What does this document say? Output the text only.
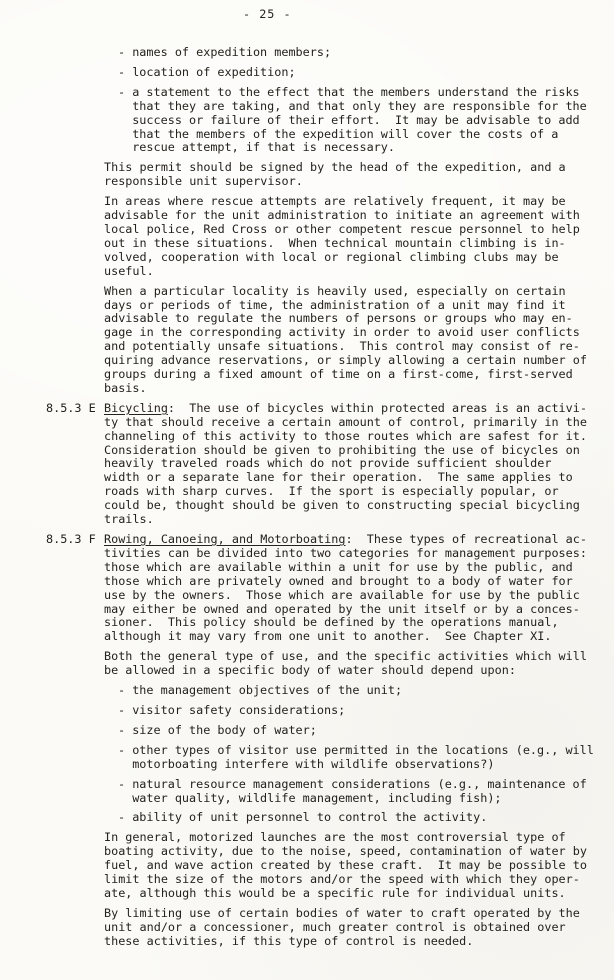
- 25 -
- names of expedition members;
- location of expedition;
- a statement to the effect that the members understand the risks
that they are taking, and that only they are responsible for the
success or failure of their effort.  It may be advisable to add
that the members of the expedition will cover the costs of a
rescue attempt, if that is necessary.
This permit should be signed by the head of the expedition, and a
responsible unit supervisor.
In areas where rescue attempts are relatively frequent, it may be
advisable for the unit administration to initiate an agreement with
local police, Red Cross or other competent rescue personnel to help
out in these situations.  When technical mountain climbing is in-
volved, cooperation with local or regional climbing clubs may be
useful.
When a particular locality is heavily used, especially on certain
days or periods of time, the administration of a unit may find it
advisable to regulate the numbers of persons or groups who may en-
gage in the corresponding activity in order to avoid user conflicts
and potentially unsafe situations.  This control may consist of re-
quiring advance reservations, or simply allowing a certain number of
groups during a fixed amount of time on a first-come, first-served
basis.
8.5.3 E Bicycling:  The use of bicycles within protected areas is an activi-
ty that should receive a certain amount of control, primarily in the
channeling of this activity to those routes which are safest for it.
Consideration should be given to prohibiting the use of bicycles on
heavily traveled roads which do not provide sufficient shoulder
width or a separate lane for their operation.  The same applies to
roads with sharp curves.  If the sport is especially popular, or
could be, thought should be given to constructing special bicycling
trails.
8.5.3 F Rowing, Canoeing, and Motorboating:  These types of recreational ac-
tivities can be divided into two categories for management purposes:
those which are available within a unit for use by the public, and
those which are privately owned and brought to a body of water for
use by the owners.  Those which are available for use by the public
may either be owned and operated by the unit itself or by a conces-
sioner.  This policy should be defined by the operations manual,
although it may vary from one unit to another.  See Chapter XI.
Both the general type of use, and the specific activities which will
be allowed in a specific body of water should depend upon:
- the management objectives of the unit;
- visitor safety considerations;
- size of the body of water;
- other types of visitor use permitted in the locations (e.g., will
motorboating interfere with wildlife observations?)
- natural resource management considerations (e.g., maintenance of
water quality, wildlife management, including fish);
- ability of unit personnel to control the activity.
In general, motorized launches are the most controversial type of
boating activity, due to the noise, speed, contamination of water by
fuel, and wave action created by these craft.  It may be possible to
limit the size of the motors and/or the speed with which they oper-
ate, although this would be a specific rule for individual units.
By limiting use of certain bodies of water to craft operated by the
unit and/or a concessioner, much greater control is obtained over
these activities, if this type of control is needed.
